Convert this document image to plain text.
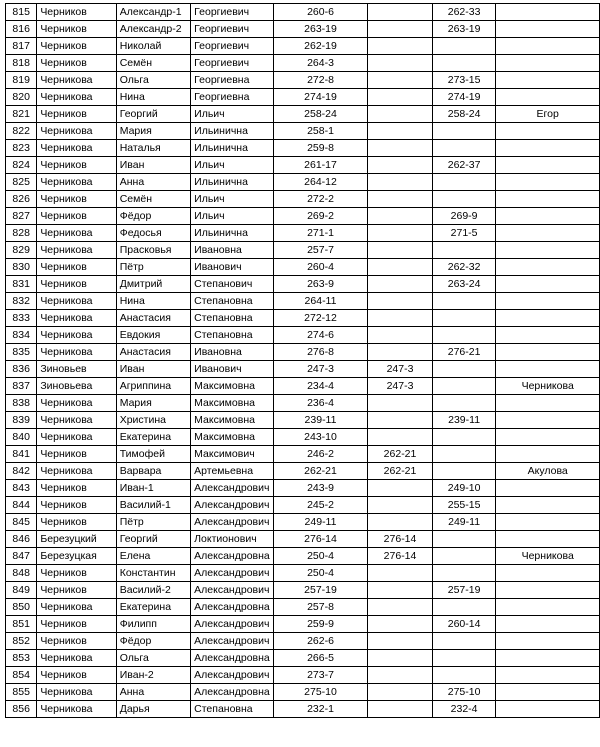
815	Черников	Александр-1	Георгиевич	260-6		262-33	
816	Черников	Александр-2	Георгиевич	263-19		263-19	
817	Черников	Николай	Георгиевич	262-19			
818	Черников	Семён	Георгиевич	264-3			
819	Черникова	Ольга	Георгиевна	272-8		273-15	
820	Черникова	Нина	Георгиевна	274-19		274-19	
821	Черников	Георгий	Ильич	258-24		258-24	Егор
822	Черникова	Мария	Ильинична	258-1			
823	Черникова	Наталья	Ильинична	259-8			
824	Черников	Иван	Ильич	261-17		262-37	
825	Черникова	Анна	Ильинична	264-12			
826	Черников	Семён	Ильич	272-2			
827	Черников	Фёдор	Ильич	269-2		269-9	
828	Черникова	Федосья	Ильинична	271-1		271-5	
829	Черникова	Прасковья	Ивановна	257-7			
830	Черников	Пётр	Иванович	260-4		262-32	
831	Черников	Дмитрий	Степанович	263-9		263-24	
832	Черникова	Нина	Степановна	264-11			
833	Черникова	Анастасия	Степановна	272-12			
834	Черникова	Евдокия	Степановна	274-6			
835	Черникова	Анастасия	Ивановна	276-8		276-21	
836	Зиновьев	Иван	Иванович	247-3	247-3		
837	Зиновьева	Агриппина	Максимовна	234-4	247-3		Черникова
838	Черникова	Мария	Максимовна	236-4			
839	Черникова	Христина	Максимовна	239-11		239-11	
840	Черникова	Екатерина	Максимовна	243-10			
841	Черников	Тимофей	Максимович	246-2	262-21		
842	Черникова	Варвара	Артемьевна	262-21	262-21		Акулова
843	Черников	Иван-1	Александрович	243-9		249-10	
844	Черников	Василий-1	Александрович	245-2		255-15	
845	Черников	Пётр	Александрович	249-11		249-11	
846	Березуцкий	Георгий	Локтионович	276-14	276-14		
847	Березуцкая	Елена	Александровна	250-4	276-14		Черникова
848	Черников	Константин	Александрович	250-4			
849	Черников	Василий-2	Александрович	257-19		257-19	
850	Черникова	Екатерина	Александровна	257-8			
851	Черников	Филипп	Александрович	259-9		260-14	
852	Черников	Фёдор	Александрович	262-6			
853	Черникова	Ольга	Александровна	266-5			
854	Черников	Иван-2	Александрович	273-7			
855	Черникова	Анна	Александровна	275-10		275-10	
856	Черникова	Дарья	Степановна	232-1		232-4	
